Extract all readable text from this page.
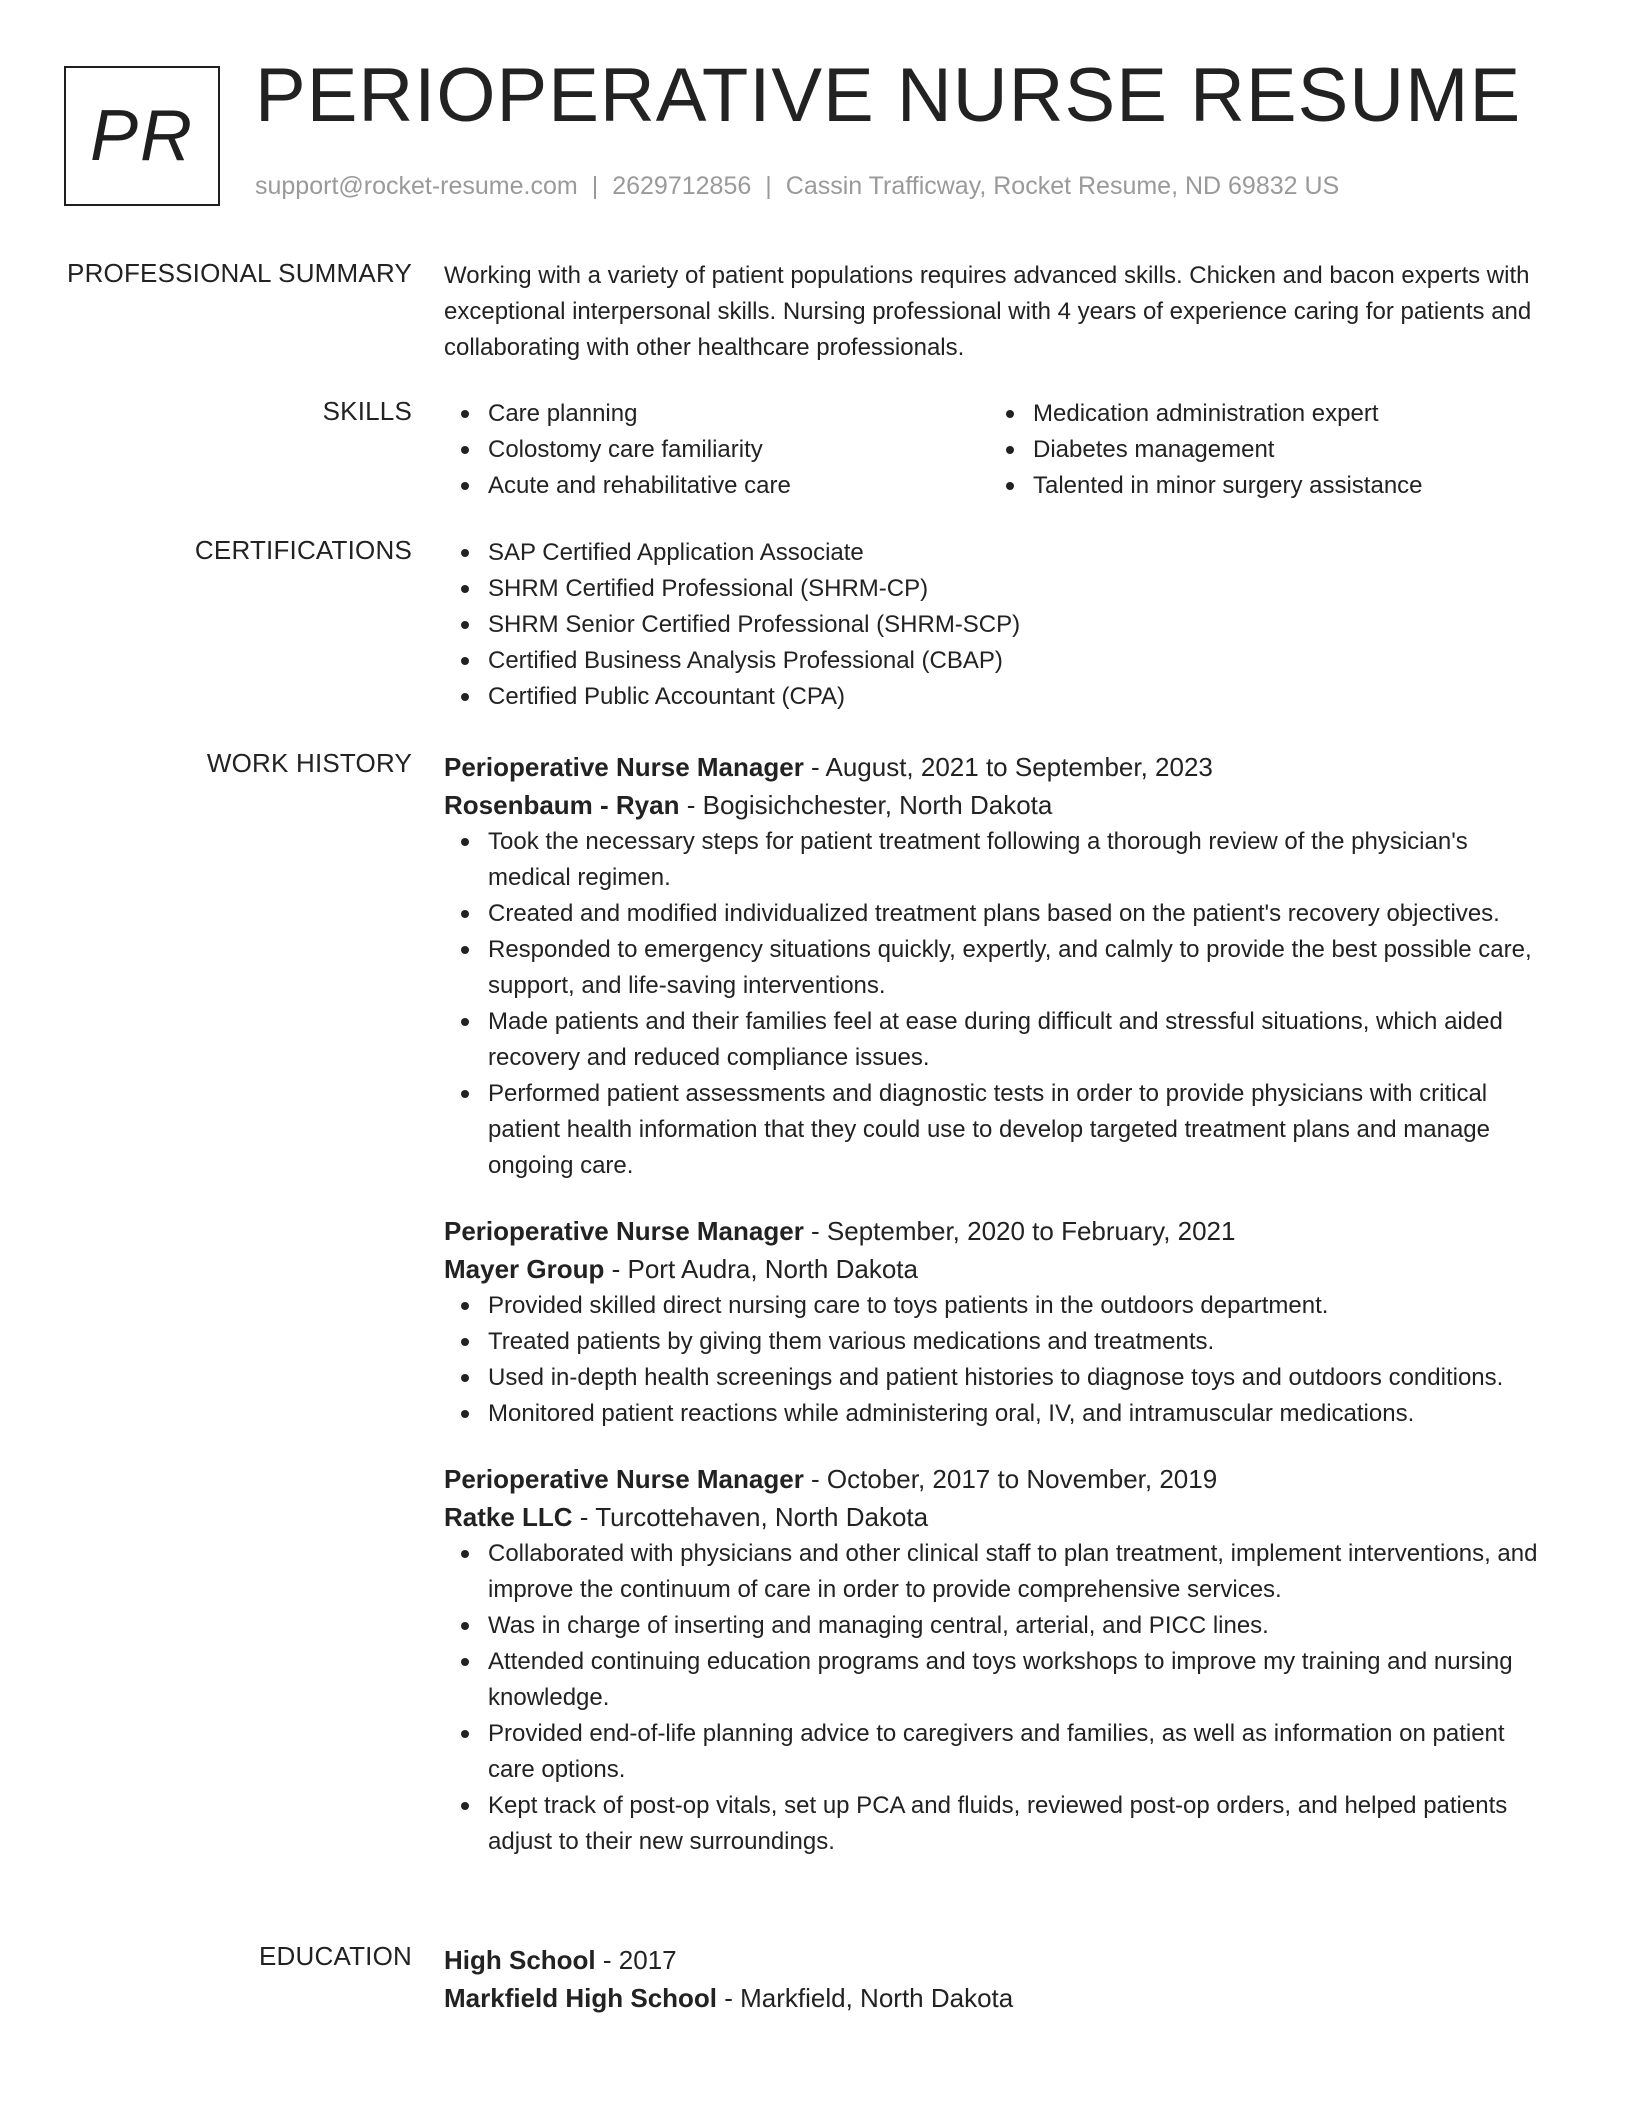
PR PERIOPERATIVE NURSE RESUME
support@rocket-resume.com | 2629712856 | Cassin Trafficway, Rocket Resume, ND 69832 US
PROFESSIONAL SUMMARY Working with a variety of patient populations requires advanced skills. Chicken and bacon experts with exceptional interpersonal skills. Nursing professional with 4 years of experience caring for patients and collaborating with other healthcare professionals.
SKILLS	Care planning
Colostomy care familiarity
Acute and rehabilitative care
Medication administration expert
Diabetes management
Talented in minor surgery assistance
CERTIFICATIONS	SAP Certified Application Associate
SHRM Certified Professional (SHRM-CP)
SHRM Senior Certified Professional (SHRM-SCP)
Certified Business Analysis Professional (CBAP)
Certified Public Accountant (CPA)
WORK HISTORY Perioperative Nurse Manager - August, 2021 to September, 2023
Rosenbaum - Ryan - Bogisichchester, North Dakota
Took the necessary steps for patient treatment following a thorough review of the physician's medical regimen.
Created and modified individualized treatment plans based on the patient's recovery objectives.
Responded to emergency situations quickly, expertly, and calmly to provide the best possible care, support, and life-saving interventions.
Made patients and their families feel at ease during difficult and stressful situations, which aided recovery and reduced compliance issues.
Performed patient assessments and diagnostic tests in order to provide physicians with critical patient health information that they could use to develop targeted treatment plans and manage ongoing care.
Perioperative Nurse Manager - September, 2020 to February, 2021
Mayer Group - Port Audra, North Dakota
Provided skilled direct nursing care to toys patients in the outdoors department.
Treated patients by giving them various medications and treatments.
Used in-depth health screenings and patient histories to diagnose toys and outdoors conditions.
Monitored patient reactions while administering oral, IV, and intramuscular medications.
Perioperative Nurse Manager - October, 2017 to November, 2019
Ratke LLC - Turcottehaven, North Dakota
Collaborated with physicians and other clinical staff to plan treatment, implement interventions, and improve the continuum of care in order to provide comprehensive services.
Was in charge of inserting and managing central, arterial, and PICC lines.
Attended continuing education programs and toys workshops to improve my training and nursing knowledge.
Provided end-of-life planning advice to caregivers and families, as well as information on patient care options.
Kept track of post-op vitals, set up PCA and fluids, reviewed post-op orders, and helped patients adjust to their new surroundings.
EDUCATION High School - 2017
Markfield High School - Markfield, North Dakota
